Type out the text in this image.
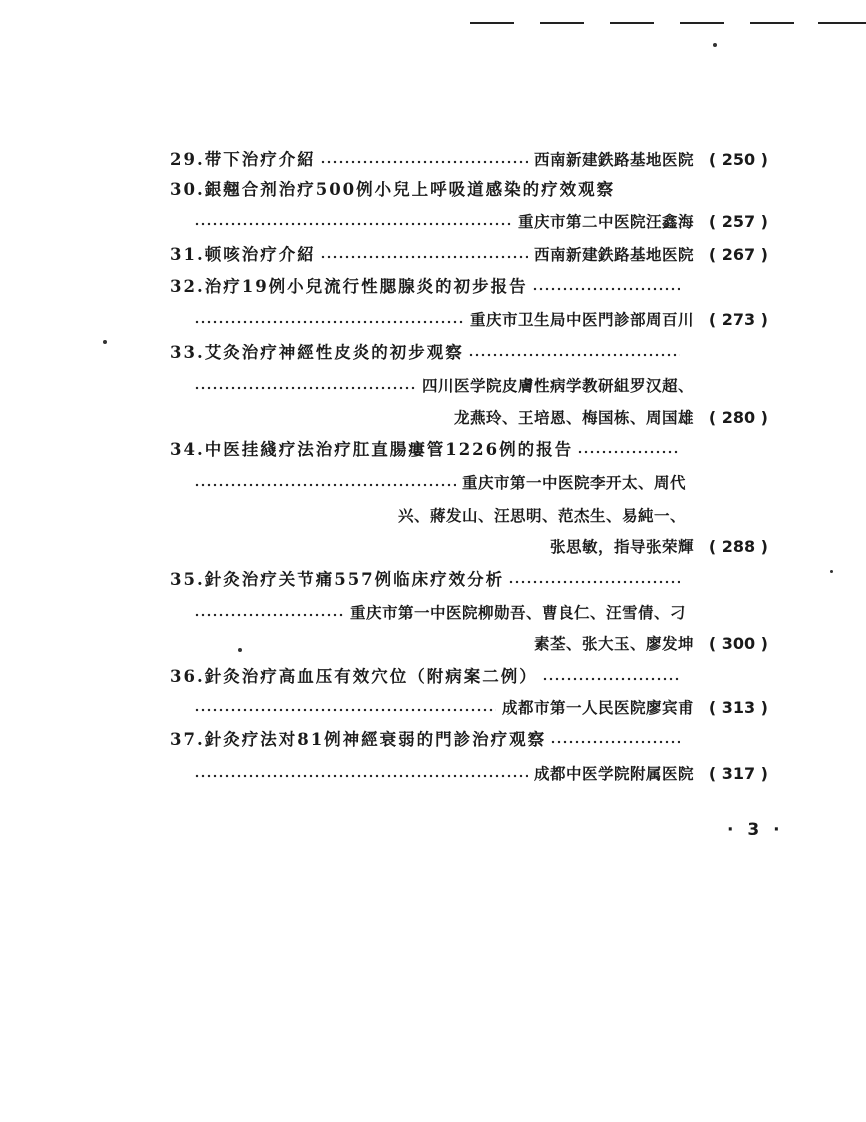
29. 带下治疗介紹	西南新建鉄路基地医院 ( 250 )
30. 銀翹合剂治疗500例小兒上呼吸道感染的疗效观察
重庆市第二中医院汪鑫海 ( 257 )
31. 顿咳治疗介紹	西南新建鉄路基地医院 ( 267 )
32. 治疗19例小兒流行性腮腺炎的初步报告
重庆市卫生局中医門診部周百川 ( 273 )
33. 艾灸治疗神經性皮炎的初步观察
四川医学院皮膚性病学教研組罗汉超、
龙燕玲、王培恩、梅国栋、周国雄 ( 280 )
34. 中医挂綫疗法治疗肛直腸瘻管1226例的报告
重庆市第一中医院李开太、周代
兴、蔣发山、汪思明、范杰生、易純一、
张思敏，指导张荣輝 ( 288 )
35. 針灸治疗关节痛557例临床疗效分析
重庆市第一中医院柳勋吾、曹良仁、汪雪倩、刁
素荃、张大玉、廖发坤 ( 300 )
36. 針灸治疗高血压有效穴位（附病案二例）
成都市第一人民医院廖宾甫 ( 313 )
37. 針灸疗法对81例神經衰弱的門診治疗观察
成都中医学院附属医院 ( 317 )
· 3 ·
